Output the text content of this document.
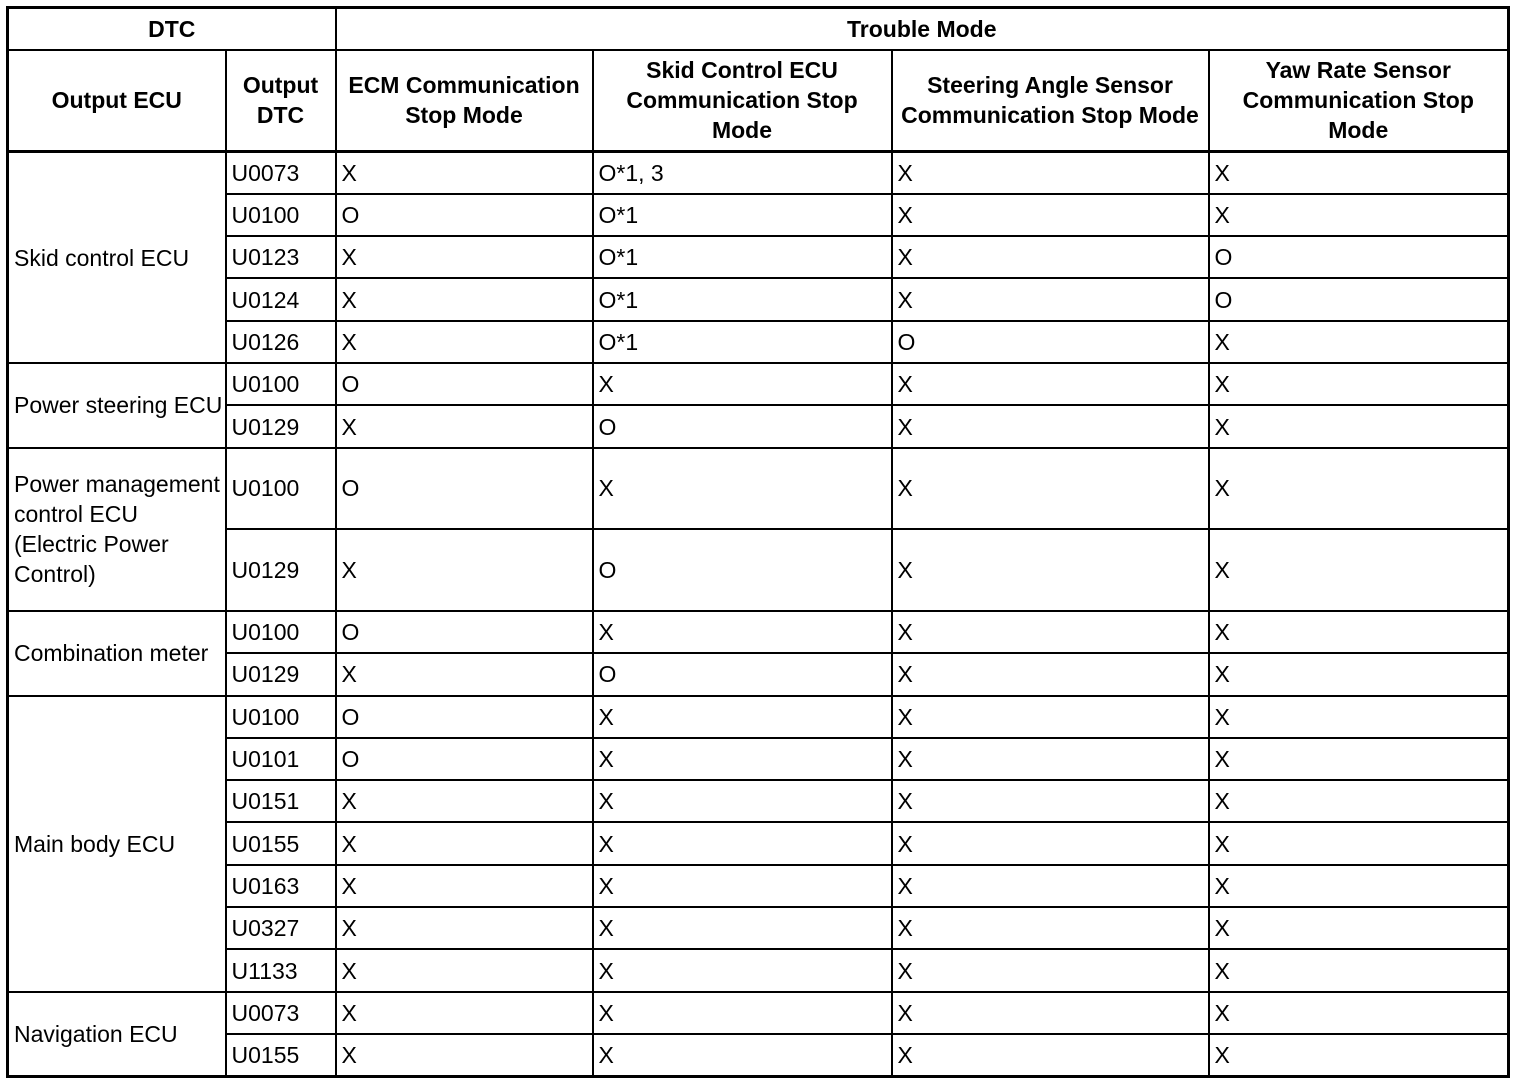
DTC		Trouble Mode			
Output ECU	Output DTC	ECM Communication Stop Mode	Skid Control ECU Communication Stop Mode	Steering Angle Sensor Communication Stop Mode	Yaw Rate Sensor Communication Stop Mode
Skid control ECU	U0073	X	O*1, 3	X	X
	U0100	O	O*1	X	X
	U0123	X	O*1	X	O
	U0124	X	O*1	X	O
	U0126	X	O*1	O	X
Power steering ECU	U0100	O	X	X	X
	U0129	X	O	X	X
Power management control ECU (Electric Power Control)	U0100	O	X	X	X
	U0129	X	O	X	X
Combination meter	U0100	O	X	X	X
	U0129	X	O	X	X
Main body ECU	U0100	O	X	X	X
	U0101	O	X	X	X
	U0151	X	X	X	X
	U0155	X	X	X	X
	U0163	X	X	X	X
	U0327	X	X	X	X
	U1133	X	X	X	X
Navigation ECU	U0073	X	X	X	X
	U0155	X	X	X	X
